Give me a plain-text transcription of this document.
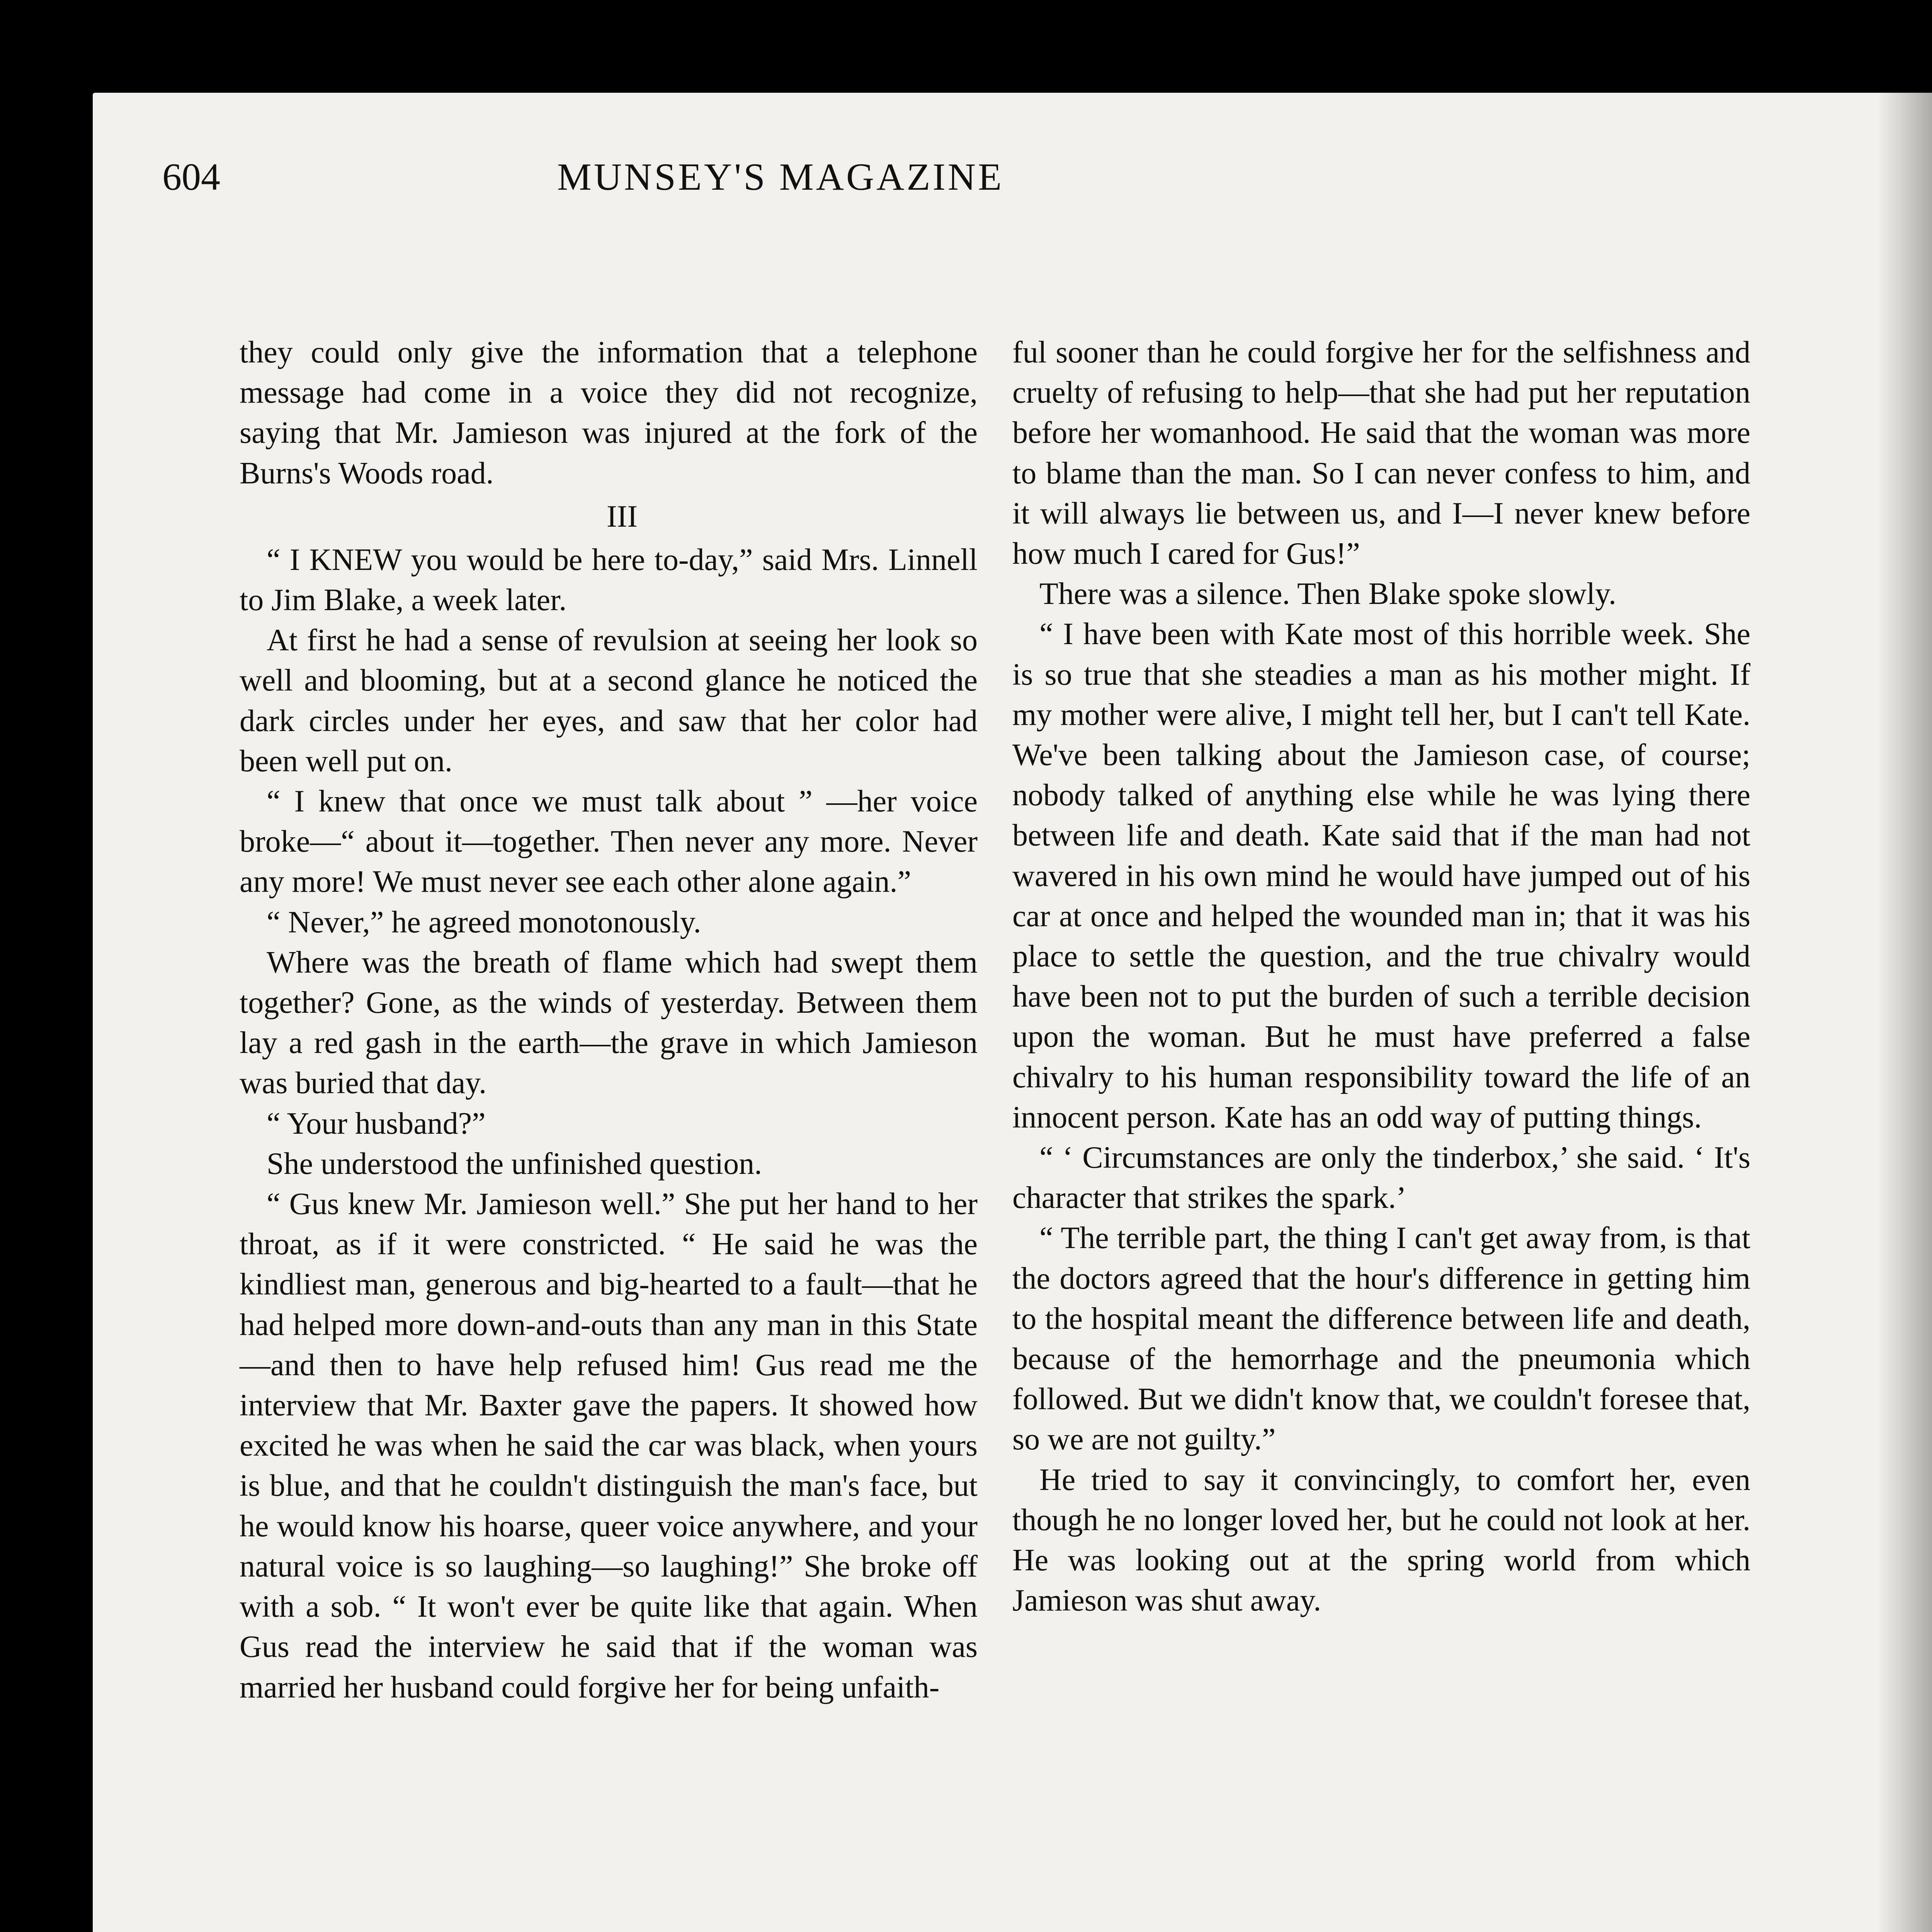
604	MUNSEY'S MAGAZINE

they could only give the information that a telephone message had come in a voice they did not recognize, saying that Mr. Jamieson was injured at the fork of the Burns's Woods road.

III

“ I KNEW you would be here to-day,” said Mrs. Linnell to Jim Blake, a week later.

At first he had a sense of revulsion at seeing her look so well and blooming, but at a second glance he noticed the dark circles under her eyes, and saw that her color had been well put on.

“ I knew that once we must talk about ” —her voice broke—“ about it—together. Then never any more. Never any more! We must never see each other alone again.”

“ Never,” he agreed monotonously.

Where was the breath of flame which had swept them together? Gone, as the winds of yesterday. Between them lay a red gash in the earth—the grave in which Jamieson was buried that day.

“ Your husband?”

She understood the unfinished question.

“ Gus knew Mr. Jamieson well.” She put her hand to her throat, as if it were constricted. “ He said he was the kindliest man, generous and big-hearted to a fault—that he had helped more down-and-outs than any man in this State—and then to have help refused him! Gus read me the interview that Mr. Baxter gave the papers. It showed how excited he was when he said the car was black, when yours is blue, and that he couldn't distinguish the man's face, but he would know his hoarse, queer voice anywhere, and your natural voice is so laughing—so laughing!” She broke off with a sob. “ It won't ever be quite like that again. When Gus read the interview he said that if the woman was married her husband could forgive her for being unfaith-

ful sooner than he could forgive her for the selfishness and cruelty of refusing to help—that she had put her reputation before her womanhood. He said that the woman was more to blame than the man. So I can never confess to him, and it will always lie between us, and I—I never knew before how much I cared for Gus!”

There was a silence. Then Blake spoke slowly.

“ I have been with Kate most of this horrible week. She is so true that she steadies a man as his mother might. If my mother were alive, I might tell her, but I can't tell Kate. We've been talking about the Jamieson case, of course; nobody talked of anything else while he was lying there between life and death. Kate said that if the man had not wavered in his own mind he would have jumped out of his car at once and helped the wounded man in; that it was his place to settle the question, and the true chivalry would have been not to put the burden of such a terrible decision upon the woman. But he must have preferred a false chivalry to his human responsibility toward the life of an innocent person. Kate has an odd way of putting things.

“ ‘ Circumstances are only the tinderbox,’ she said. ‘ It's character that strikes the spark.’

“ The terrible part, the thing I can't get away from, is that the doctors agreed that the hour's difference in getting him to the hospital meant the difference between life and death, because of the hemorrhage and the pneumonia which followed. But we didn't know that, we couldn't foresee that, so we are not guilty.”

He tried to say it convincingly, to comfort her, even though he no longer loved her, but he could not look at her. He was looking out at the spring world from which Jamieson was shut away.
